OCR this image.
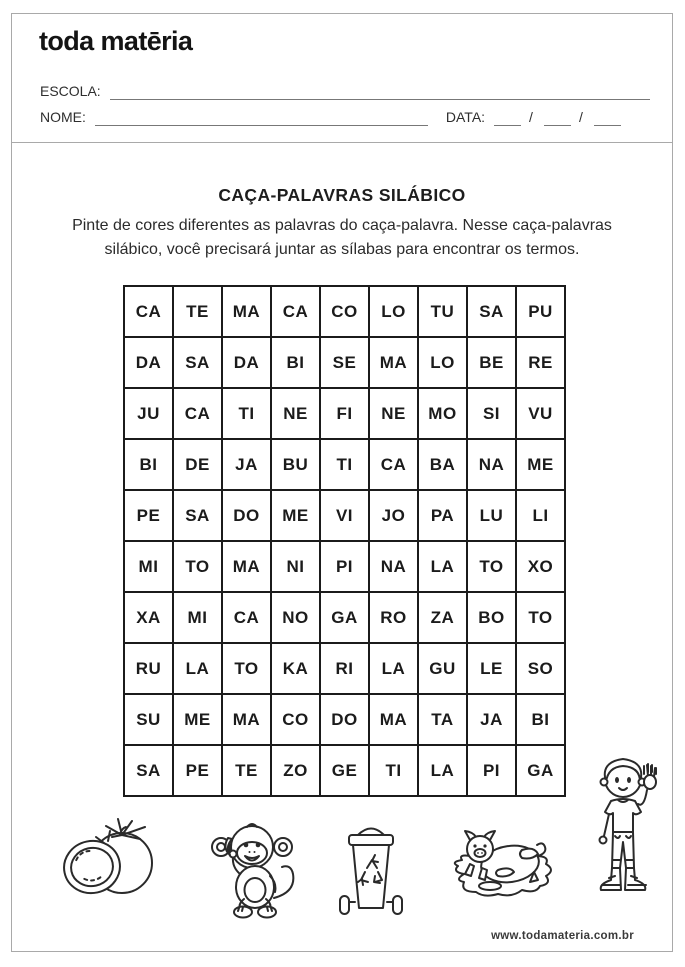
toda matēria
ESCOLA:
NOME:	DATA:	/	/
CAÇA-PALAVRAS SILÁBICO
Pinte de cores diferentes as palavras do caça-palavra. Nesse caça-palavras silábico, você precisará juntar as sílabas para encontrar os termos.
CA	TE	MA	CA	CO	LO	TU	SA	PU
DA	SA	DA	BI	SE	MA	LO	BE	RE
JU	CA	TI	NE	FI	NE	MO	SI	VU
BI	DE	JA	BU	TI	CA	BA	NA	ME
PE	SA	DO	ME	VI	JO	PA	LU	LI
MI	TO	MA	NI	PI	NA	LA	TO	XO
XA	MI	CA	NO	GA	RO	ZA	BO	TO
RU	LA	TO	KA	RI	LA	GU	LE	SO
SU	ME	MA	CO	DO	MA	TA	JA	BI
SA	PE	TE	ZO	GE	TI	LA	PI	GA
www.todamateria.com.br
